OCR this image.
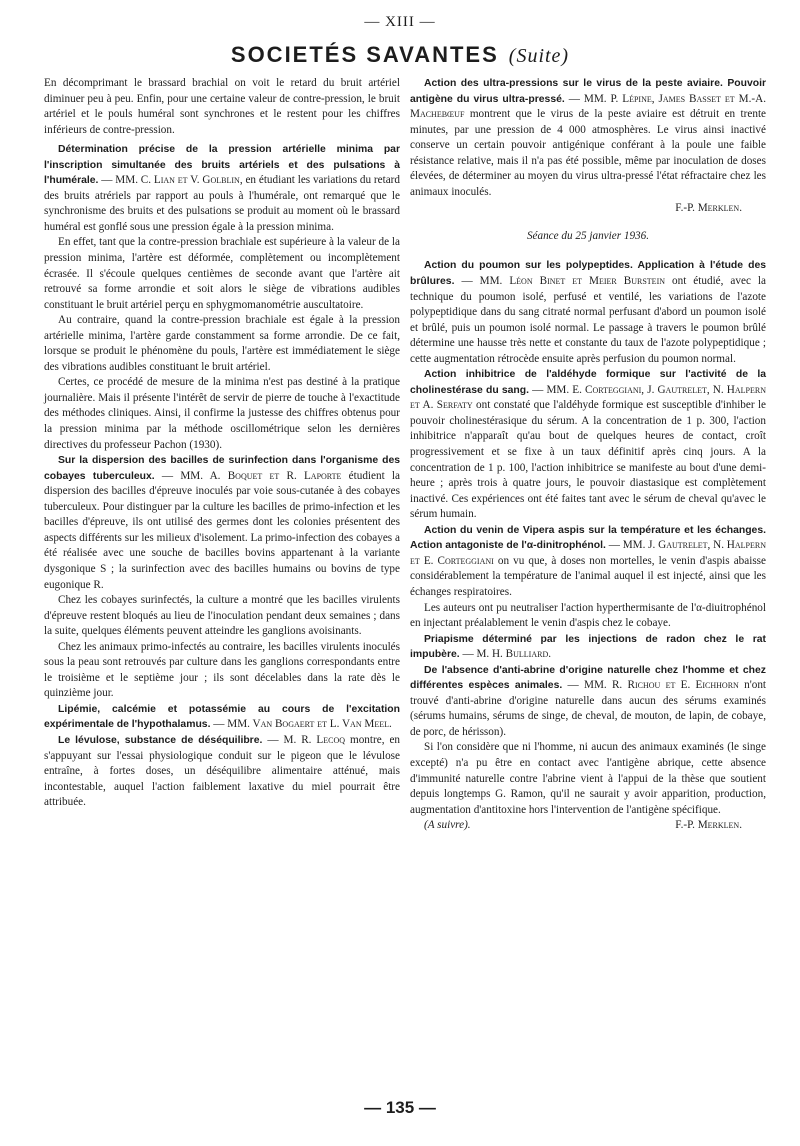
— XIII —
SOCIETÉS SAVANTES (Suite)

En décomprimant le brassard brachial on voit le retard du bruit artériel diminuer peu à peu. Enfin, pour une certaine valeur de contre-pression, le bruit artériel et le pouls huméral sont synchrones et le restent pour les chiffres inférieurs de contre-pression.

Détermination précise de la pression artérielle minima par l'inscription simultanée des bruits artériels et des pulsations à l'humérale. — MM. C. Lian et V. Golblin, en étudiant les variations du retard des bruits atrériels par rapport au pouls à l'humérale, ont remarqué que le synchronisme des bruits et des pulsations se produit au moment où le brassard huméral est gonflé sous une pression égale à la pression minima.

En effet, tant que la contre-pression brachiale est supérieure à la valeur de la pression minima, l'artère est déformée, complètement ou incomplètement écrasée. Il s'écoule quelques centièmes de seconde avant que l'artère ait retrouvé sa forme arrondie et soit alors le siège de vibrations audibles constituant le bruit artériel perçu en sphygmomanométrie auscultatoire.

Au contraire, quand la contre-pression brachiale est égale à la pression artérielle minima, l'artère garde constamment sa forme arrondie. De ce fait, lorsque se produit le phénomène du pouls, l'artère est immédiatement le siège des vibrations audibles constituant le bruit artériel.

Certes, ce procédé de mesure de la minima n'est pas destiné à la pratique journalière. Mais il présente l'intérêt de servir de pierre de touche à l'exactitude des méthodes cliniques. Ainsi, il confirme la justesse des chiffres obtenus pour la pression minima par la méthode oscillométrique selon les dernières directives du professeur Pachon (1930).

Sur la dispersion des bacilles de surinfection dans l'organisme des cobayes tuberculeux. — MM. A. Boquet et R. Laporte étudient la dispersion des bacilles d'épreuve inoculés par voie sous-cutanée à des cobayes tuberculeux. Pour distinguer par la culture les bacilles de primo-infection et les bacilles d'épreuve, ils ont utilisé des germes dont les colonies présentent des aspects différents sur les milieux d'isolement. La primo-infection des cobayes a été réalisée avec une souche de bacilles bovins appartenant à la variante dysgonique S ; la surinfection avec des bacilles humains ou bovins de type eugonique R.

Chez les cobayes surinfectés, la culture a montré que les bacilles virulents d'épreuve restent bloqués au lieu de l'inoculation pendant deux semaines ; dans la suite, quelques éléments peuvent atteindre les ganglions avoisinants.

Chez les animaux primo-infectés au contraire, les bacilles virulents inoculés sous la peau sont retrouvés par culture dans les ganglions correspondants entre le troisième et le septième jour ; ils sont décelables dans la rate dès le quinzième jour.

Lipémie, calcémie et potassémie au cours de l'excitation expérimentale de l'hypothalamus. — MM. Van Bogaert et L. Van Meel.

Le lévulose, substance de déséquilibre. — M. R. Lecoq montre, en s'appuyant sur l'essai physiologique conduit sur le pigeon que le lévulose entraîne, à fortes doses, un déséquilibre alimentaire atténué, mais incontestable, auquel l'action faiblement laxative du miel pourrait être attribuée.

Action des ultra-pressions sur le virus de la peste aviaire. Pouvoir antigène du virus ultra-pressé. — MM. P. Lépine, James Basset et M.-A. Machebœuf montrent que le virus de la peste aviaire est détruit en trente minutes, par une pression de 4 000 atmosphères. Le virus ainsi inactivé conserve un certain pouvoir antigénique conférant à la poule une faible résistance relative, mais il n'a pas été possible, même par inoculation de doses élevées, de déterminer au moyen du virus ultra-pressé l'état réfractaire chez les animaux inoculés.

F.-P. Merklen.
Séance du 25 janvier 1936.

Action du poumon sur les polypeptides. Application à l'étude des brûlures. — MM. Léon Binet et Meier Burstein ont étudié, avec la technique du poumon isolé, perfusé et ventilé, les variations de l'azote polypeptidique dans du sang citraté normal perfusant d'abord un poumon isolé et brûlé, puis un poumon isolé normal. Le passage à travers le poumon brûlé détermine une hausse très nette et constante du taux de l'azote polypeptidique ; cette augmentation rétrocède ensuite après perfusion du poumon normal.

Action inhibitrice de l'aldéhyde formique sur l'activité de la cholinestérase du sang. — MM. E. Corteggiani, J. Gautrelet, N. Halpern et A. Serfaty ont constaté que l'aldéhyde formique est susceptible d'inhiber le pouvoir cholinestérasique du sérum. A la concentration de 1 p. 300, l'action inhibitrice n'apparaît qu'au bout de quelques heures de contact, croît progressivement et se fixe à un taux définitif après cinq jours. A la concentration de 1 p. 100, l'action inhibitrice se manifeste au bout d'une demi-heure ; après trois à quatre jours, le pouvoir diastasique est complètement inactivé. Ces expériences ont été faites tant avec le sérum de cheval qu'avec le sérum humain.

Action du venin de Vipera aspis sur la température et les échanges. Action antagoniste de l'α-dinitrophénol. — MM. J. Gautrelet, N. Halpern et E. Corteggiani on vu que, à doses non mortelles, le venin d'aspis abaisse considérablement la température de l'animal auquel il est injecté, ainsi que les échanges respiratoires.

Les auteurs ont pu neutraliser l'action hyperthermisante de l'α-diuitrophénol en injectant préalablement le venin d'aspis chez le cobaye.

Priapisme déterminé par les injections de radon chez le rat impubère. — M. H. Bulliard.

De l'absence d'anti-abrine d'origine naturelle chez l'homme et chez différentes espèces animales. — MM. R. Richou et E. Eichhorn n'ont trouvé d'anti-abrine d'origine naturelle dans aucun des sérums examinés (sérums humains, sérums de singe, de cheval, de mouton, de lapin, de cobaye, de porc, de hérisson).

Si l'on considère que ni l'homme, ni aucun des animaux examinés (le singe excepté) n'a pu être en contact avec l'antigène abrique, cette absence d'immunité naturelle contre l'abrine vient à l'appui de la thèse que soutient depuis longtemps G. Ramon, qu'il ne saurait y avoir apparition, production, augmentation d'antitoxine hors l'intervention de l'antigène spécifique.

(A suivre).	F.-P. Merklen.
— 135 —
